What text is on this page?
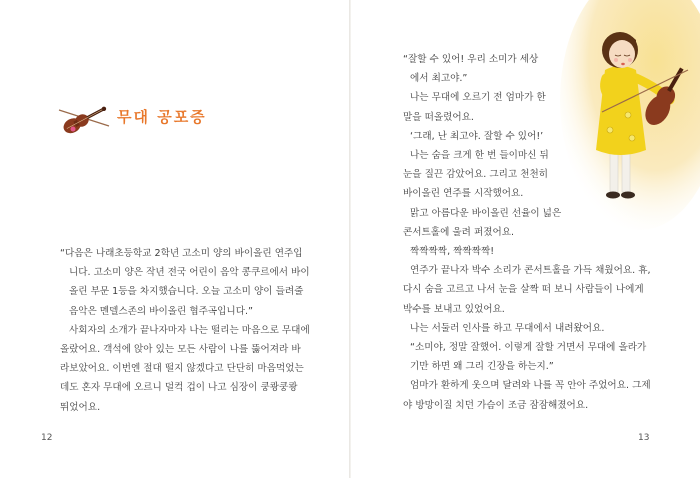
무대 공포증

“다음은 나래초등학교 2학년 고소미 양의 바이올린 연주입

니다. 고소미 양은 작년 전국 어린이 음악 콩쿠르에서 바이

올린 부문 1등을 차지했습니다. 오늘 고소미 양이 들려줄

음악은 멘델스존의 바이올린 협주곡입니다.”

사회자의 소개가 끝나자마자 나는 떨리는 마음으로 무대에

올랐어요. 객석에 앉아 있는 모든 사람이 나를 뚫어져라 바

라보았어요. 이번엔 절대 떨지 않겠다고 단단히 마음먹었는

데도 혼자 무대에 오르니 덜컥 겁이 나고 심장이 쿵쾅쿵쾅

뛰었어요.

12

“잘할 수 있어! 우리 소미가 세상

에서 최고야.”

나는 무대에 오르기 전 엄마가 한

말을 떠올렸어요.

‘그래, 난 최고야. 잘할 수 있어!’

나는 숨을 크게 한 번 들이마신 뒤

눈을 질끈 감았어요. 그리고 천천히

바이올린 연주를 시작했어요.

맑고 아름다운 바이올린 선율이 넓은

콘서트홀에 울려 퍼졌어요.

짝짝짝짝, 짝짝짝짝!

연주가 끝나자 박수 소리가 콘서트홀을 가득 채웠어요. 휴,

다시 숨을 고르고 나서 눈을 살짝 떠 보니 사람들이 나에게

박수를 보내고 있었어요.

나는 서둘러 인사를 하고 무대에서 내려왔어요.

“소미야, 정말 잘했어. 이렇게 잘할 거면서 무대에 올라가

기만 하면 왜 그리 긴장을 하는지.”

엄마가 환하게 웃으며 달려와 나를 꼭 안아 주었어요. 그제

야 방망이질 치던 가슴이 조금 잠잠해졌어요.

13
